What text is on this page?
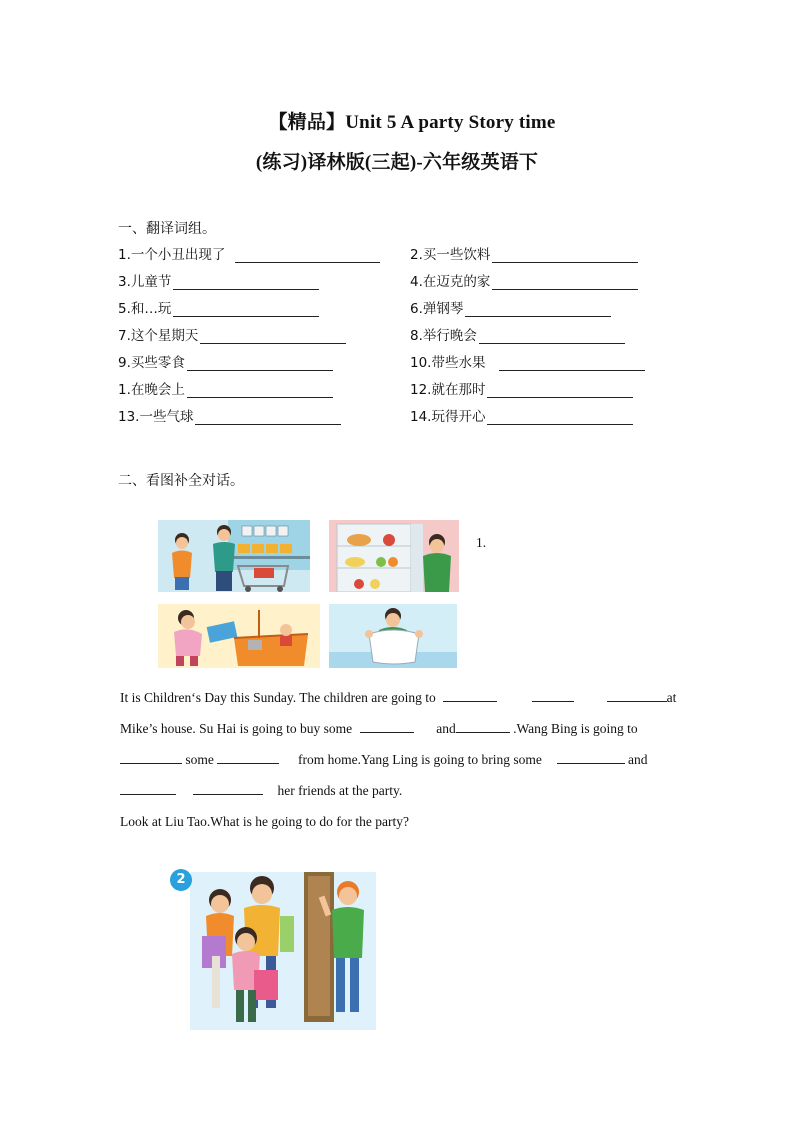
【精品】Unit 5 A party Story time
(练习)译林版(三起)-六年级英语下
一、翻译词组。
1.一个小丑出现了	2.买一些饮料
3.儿童节	4.在迈克的家
5.和…玩	6.弹钢琴
7.这个星期天	8.举行晚会
9.买些零食	10.带些水果
1.在晚会上	12.就在那时
13.一些气球	14.玩得开心
二、看图补全对话。
1.
It is Children‘s Day this Sunday. The children are going to	at
Mike’s house. Su Hai is going to buy some	and	.Wang Bing is going to
some	from home.Yang Ling is going to bring some	and
her friends at the party.
Look at Liu Tao.What is he going to do for the party?
2
